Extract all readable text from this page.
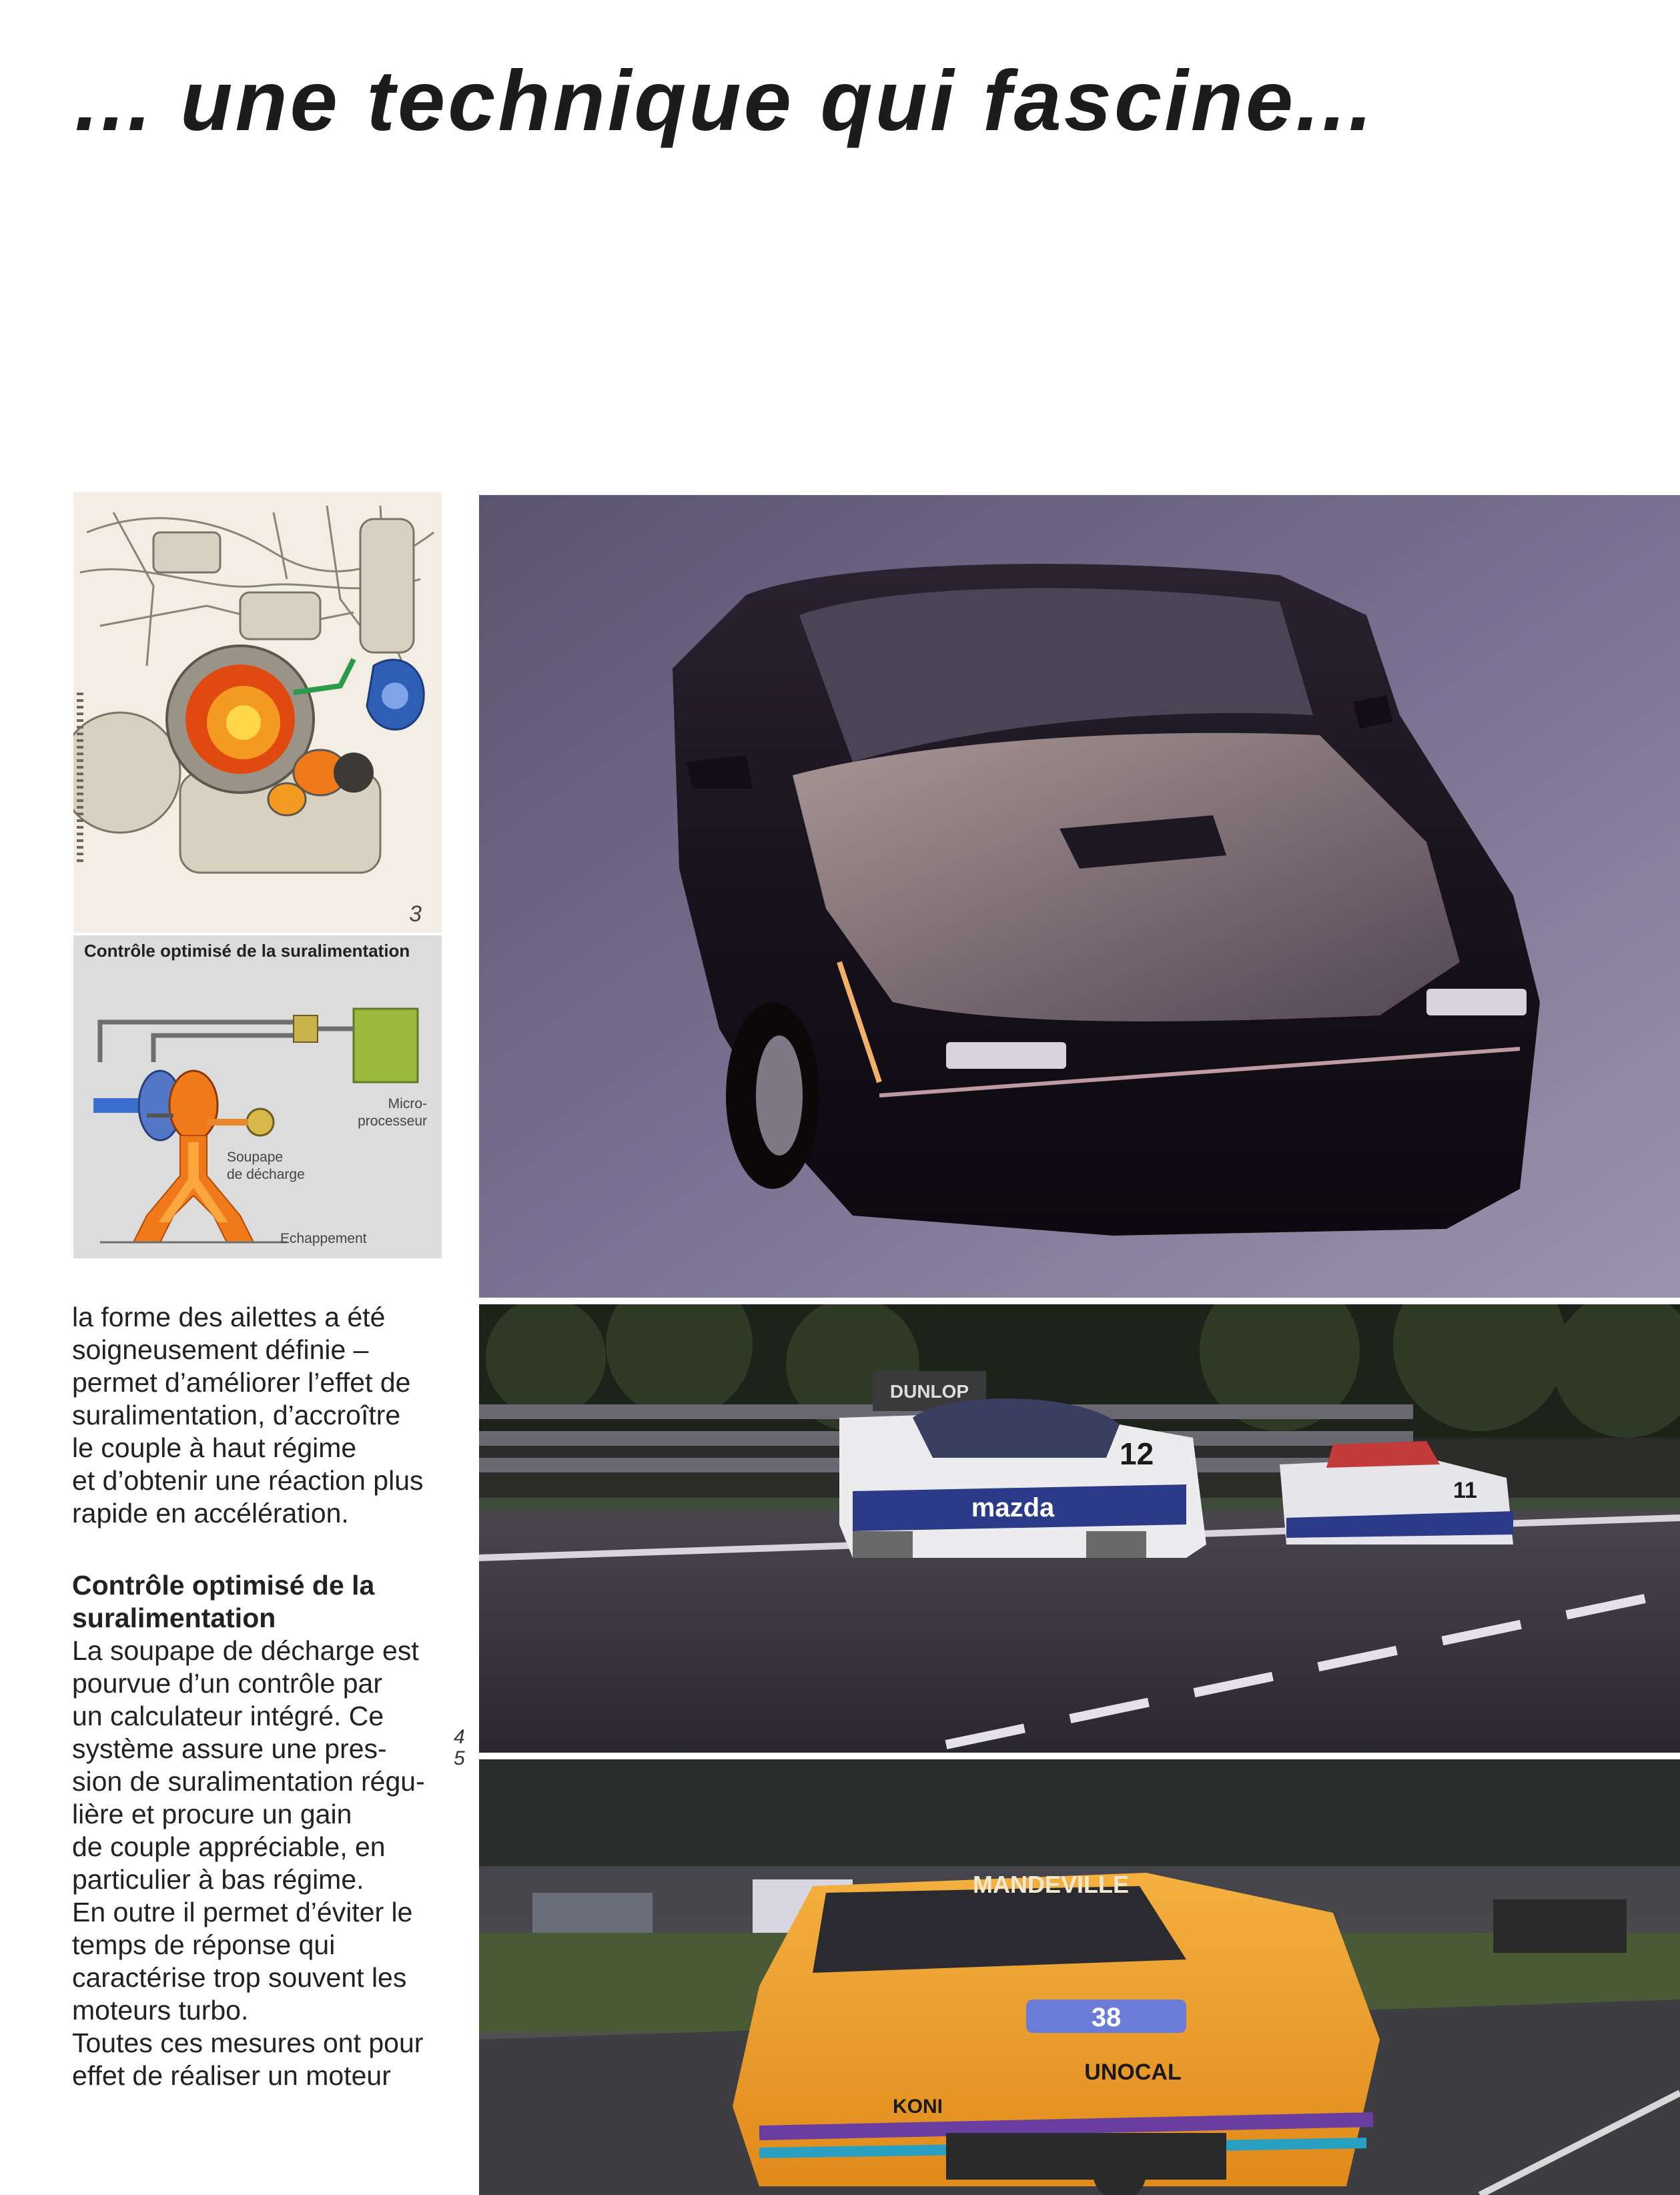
... une technique qui fascine...
3
Contrôle optimisé de la suralimentation
Micro-
processeur
Soupape
de décharge
Echappement
la forme des ailettes a été
soigneusement définie –
permet d’améliorer l’effet de
suralimentation, d’accroître
le couple à haut régime
et d’obtenir une réaction plus
rapide en accélération.
Contrôle optimisé de la
suralimentation
La soupape de décharge est
pourvue d’un contrôle par
un calculateur intégré. Ce
système assure une pres-
sion de suralimentation régu-
lière et procure un gain
de couple appréciable, en
particulier à bas régime.
En outre il permet d’éviter le
temps de réponse qui
caractérise trop souvent les
moteurs turbo.
Toutes ces mesures ont pour
effet de réaliser un moteur
4
5
DUNLOP
mazda
12
11
MANDEVILLE
38
UNOCAL
KONI
